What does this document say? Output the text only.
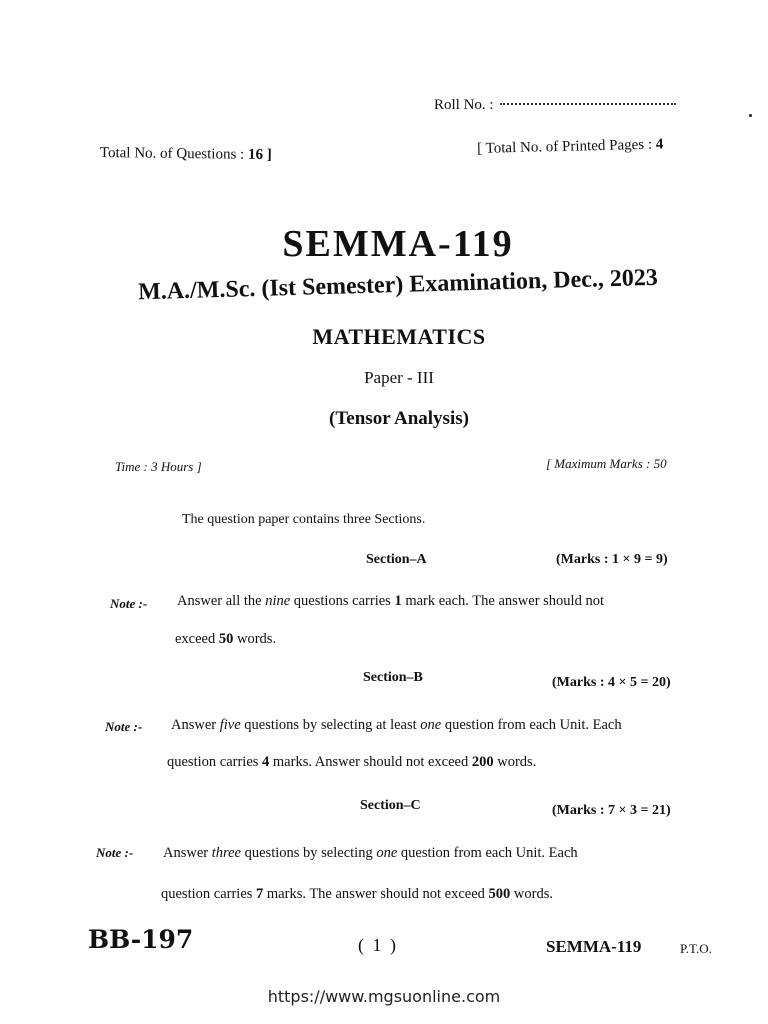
Roll No. :
Total No. of Questions : 16 ]	[ Total No. of Printed Pages : 4
SEMMA-119
M.A./M.Sc. (Ist Semester) Examination, Dec., 2023
MATHEMATICS
Paper - III
(Tensor Analysis)
Time : 3 Hours ]	[ Maximum Marks : 50
The question paper contains three Sections.
Section–A	(Marks : 1 × 9 = 9)
Note :- Answer all the nine questions carries 1 mark each. The answer should not
exceed 50 words.
Section–B	(Marks : 4 × 5 = 20)
Note :- Answer five questions by selecting at least one question from each Unit. Each
question carries 4 marks. Answer should not exceed 200 words.
Section–C	(Marks : 7 × 3 = 21)
Note :- Answer three questions by selecting one question from each Unit. Each
question carries 7 marks. The answer should not exceed 500 words.
BB-197	( 1 )	SEMMA-119	P.T.O.
https://www.mgsuonline.com
